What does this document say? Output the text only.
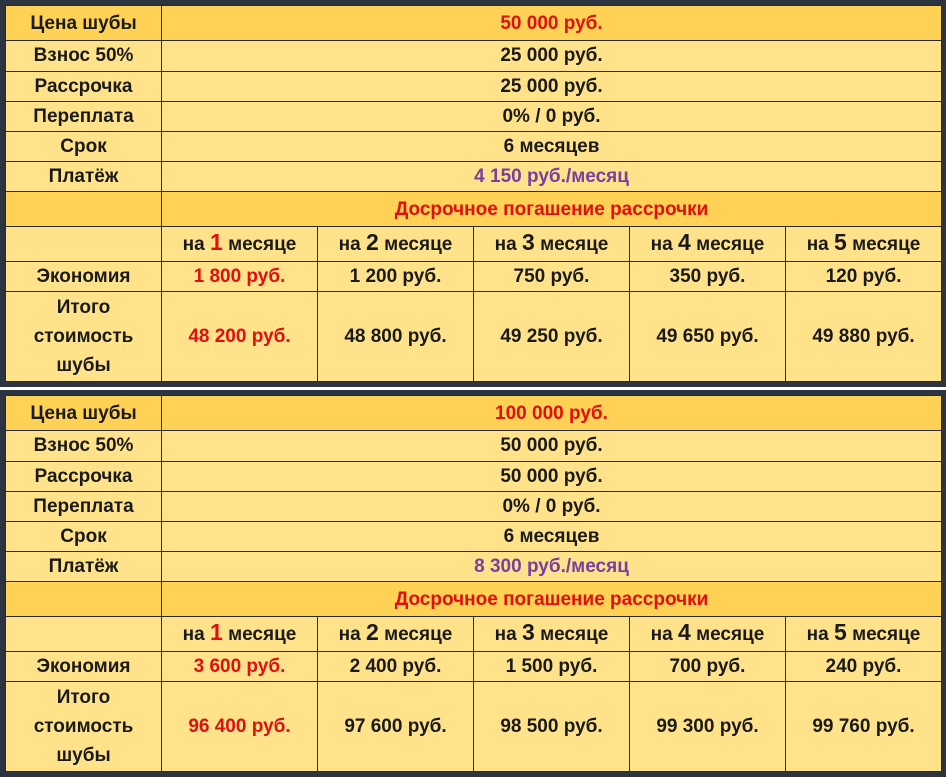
Цена шубы	50 000 руб.				
Взнос 50%	25 000 руб.				
Рассрочка	25 000 руб.				
Переплата	0% / 0 руб.				
Срок	6 месяцев				
Платёж	4 150 руб./месяц				
	Досрочное погашение рассрочки				
	на 1 месяце	на 2 месяце	на 3 месяце	на 4 месяце	на 5 месяце
Экономия	1 800 руб.	1 200 руб.	750 руб.	350 руб.	120 руб.

Итого
стоимость
шубы	48 200 руб.	48 800 руб.	49 250 руб.	49 650 руб.	49 880 руб.
Цена шубы	100 000 руб.				
Взнос 50%	50 000 руб.				
Рассрочка	50 000 руб.				
Переплата	0% / 0 руб.				
Срок	6 месяцев				
Платёж	8 300 руб./месяц				
	Досрочное погашение рассрочки				
	на 1 месяце	на 2 месяце	на 3 месяце	на 4 месяце	на 5 месяце
Экономия	3 600 руб.	2 400 руб.	1 500 руб.	700 руб.	240 руб.

Итого
стоимость
шубы	96 400 руб.	97 600 руб.	98 500 руб.	99 300 руб.	99 760 руб.
